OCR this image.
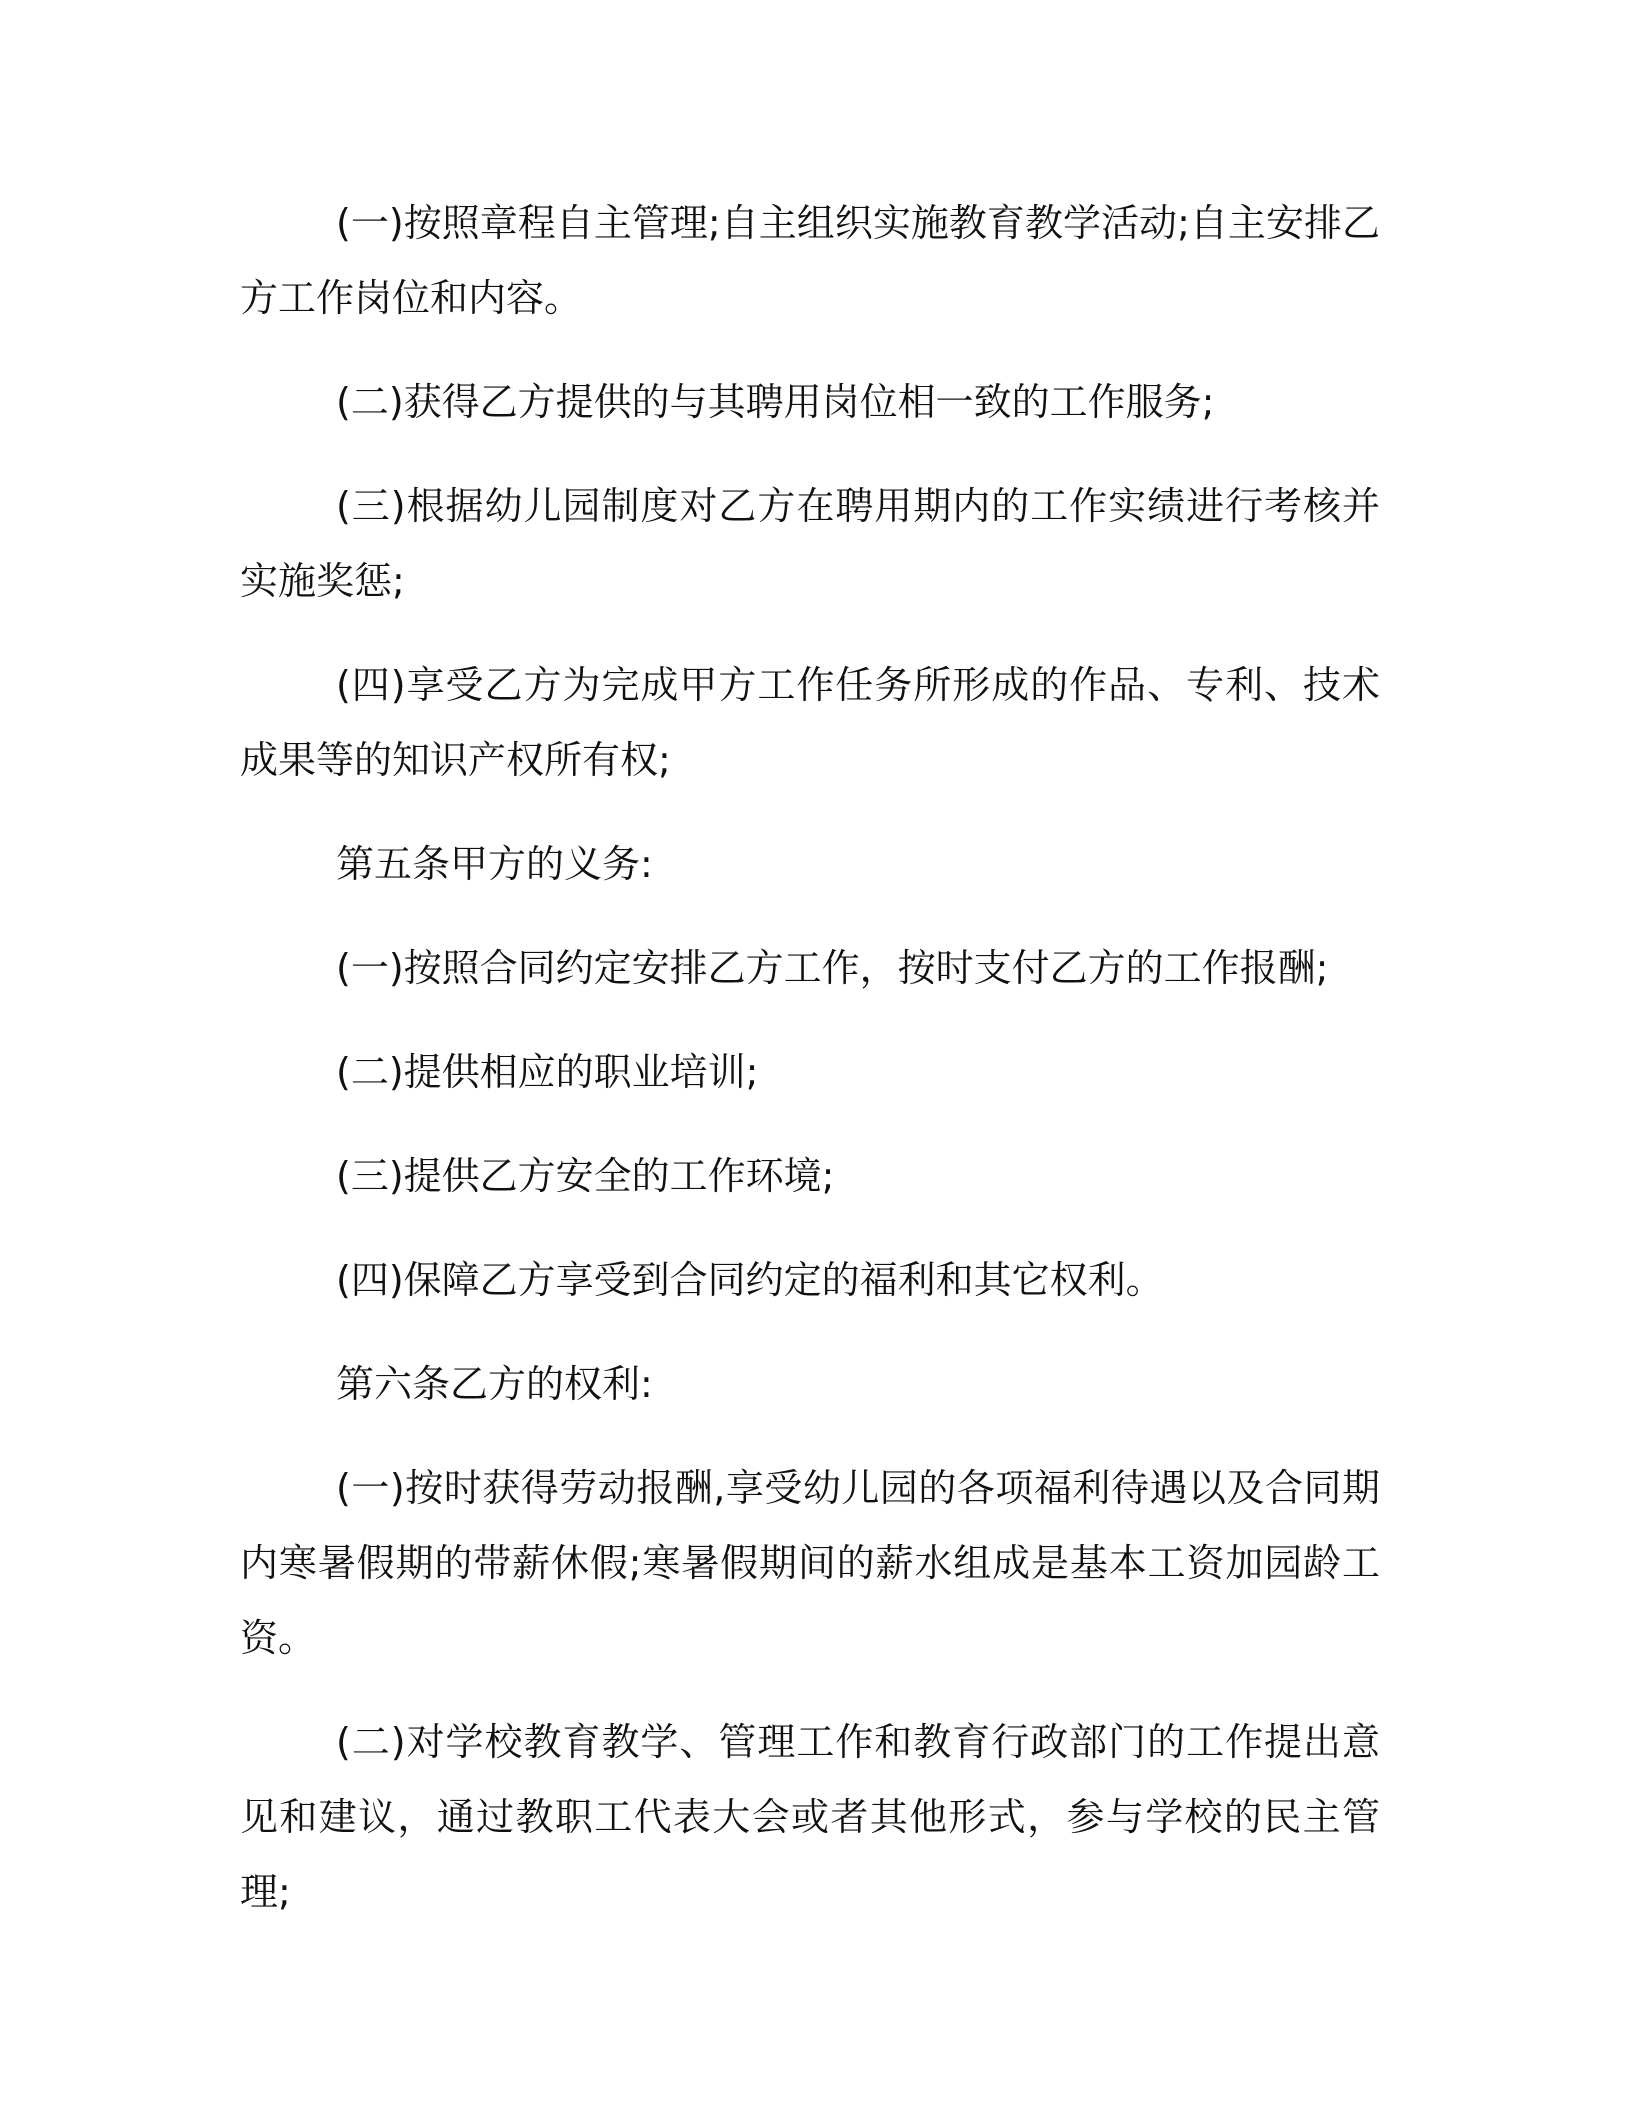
(一)按照章程自主管理;自主组织实施教育教学活动;自主安排乙方工作岗位和内容。

(二)获得乙方提供的与其聘用岗位相一致的工作服务;

(三)根据幼儿园制度对乙方在聘用期内的工作实绩进行考核并实施奖惩;

(四)享受乙方为完成甲方工作任务所形成的作品、专利、技术成果等的知识产权所有权;

第五条甲方的义务:

(一)按照合同约定安排乙方工作，按时支付乙方的工作报酬;

(二)提供相应的职业培训;

(三)提供乙方安全的工作环境;

(四)保障乙方享受到合同约定的福利和其它权利。

第六条乙方的权利:

(一)按时获得劳动报酬,享受幼儿园的各项福利待遇以及合同期内寒暑假期的带薪休假;寒暑假期间的薪水组成是基本工资加园龄工资。

(二)对学校教育教学、管理工作和教育行政部门的工作提出意见和建议，通过教职工代表大会或者其他形式，参与学校的民主管理;
